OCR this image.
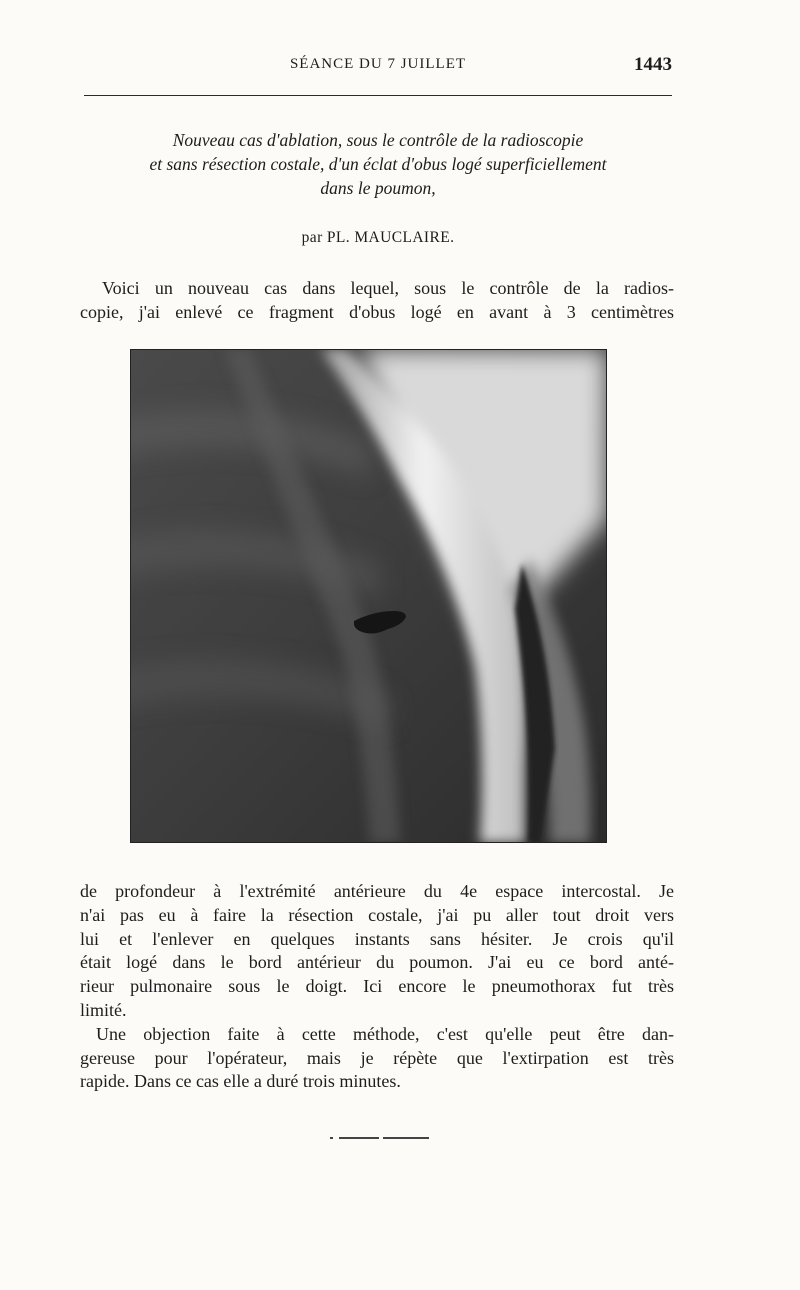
SÉANCE DU 7 JUILLET	1443
Nouveau cas d'ablation, sous le contrôle de la radioscopie
et sans résection costale, d'un éclat d'obus logé superficiellement
dans le poumon,
par PL. MAUCLAIRE.
Voici un nouveau cas dans lequel, sous le contrôle de la radios-
copie, j'ai enlevé ce fragment d'obus logé en avant à 3 centimètres
de profondeur à l'extrémité antérieure du 4e espace intercostal. Je
n'ai pas eu à faire la résection costale, j'ai pu aller tout droit vers
lui et l'enlever en quelques instants sans hésiter. Je crois qu'il
était logé dans le bord antérieur du poumon. J'ai eu ce bord anté-
rieur pulmonaire sous le doigt. Ici encore le pneumothorax fut très
limité.
Une objection faite à cette méthode, c'est qu'elle peut être dan-
gereuse pour l'opérateur, mais je répète que l'extirpation est très
rapide. Dans ce cas elle a duré trois minutes.
